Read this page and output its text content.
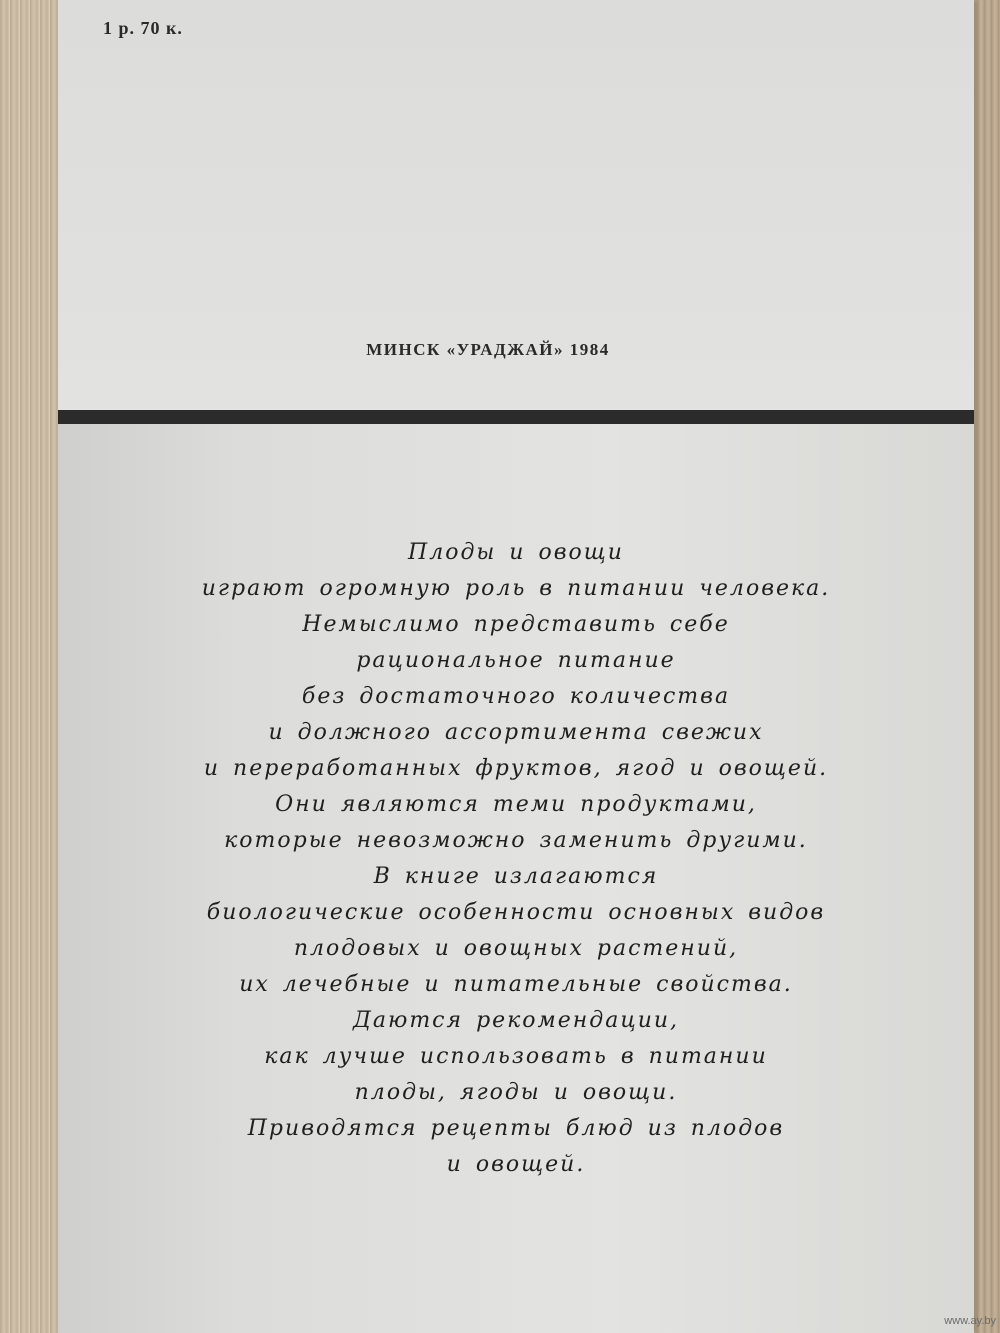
1 р. 70 к.
МИНСК «УРАДЖАЙ» 1984
Плоды и овощи
играют огромную роль в питании человека.
Немыслимо представить себе
рациональное питание
без достаточного количества
и должного ассортимента свежих
и переработанных фруктов, ягод и овощей.
Они являются теми продуктами,
которые невозможно заменить другими.
В книге излагаются
биологические особенности основных видов
плодовых и овощных растений,
их лечебные и питательные свойства.
Даются рекомендации,
как лучше использовать в питании
плоды, ягоды и овощи.
Приводятся рецепты блюд из плодов
и овощей.
www.ay.by
